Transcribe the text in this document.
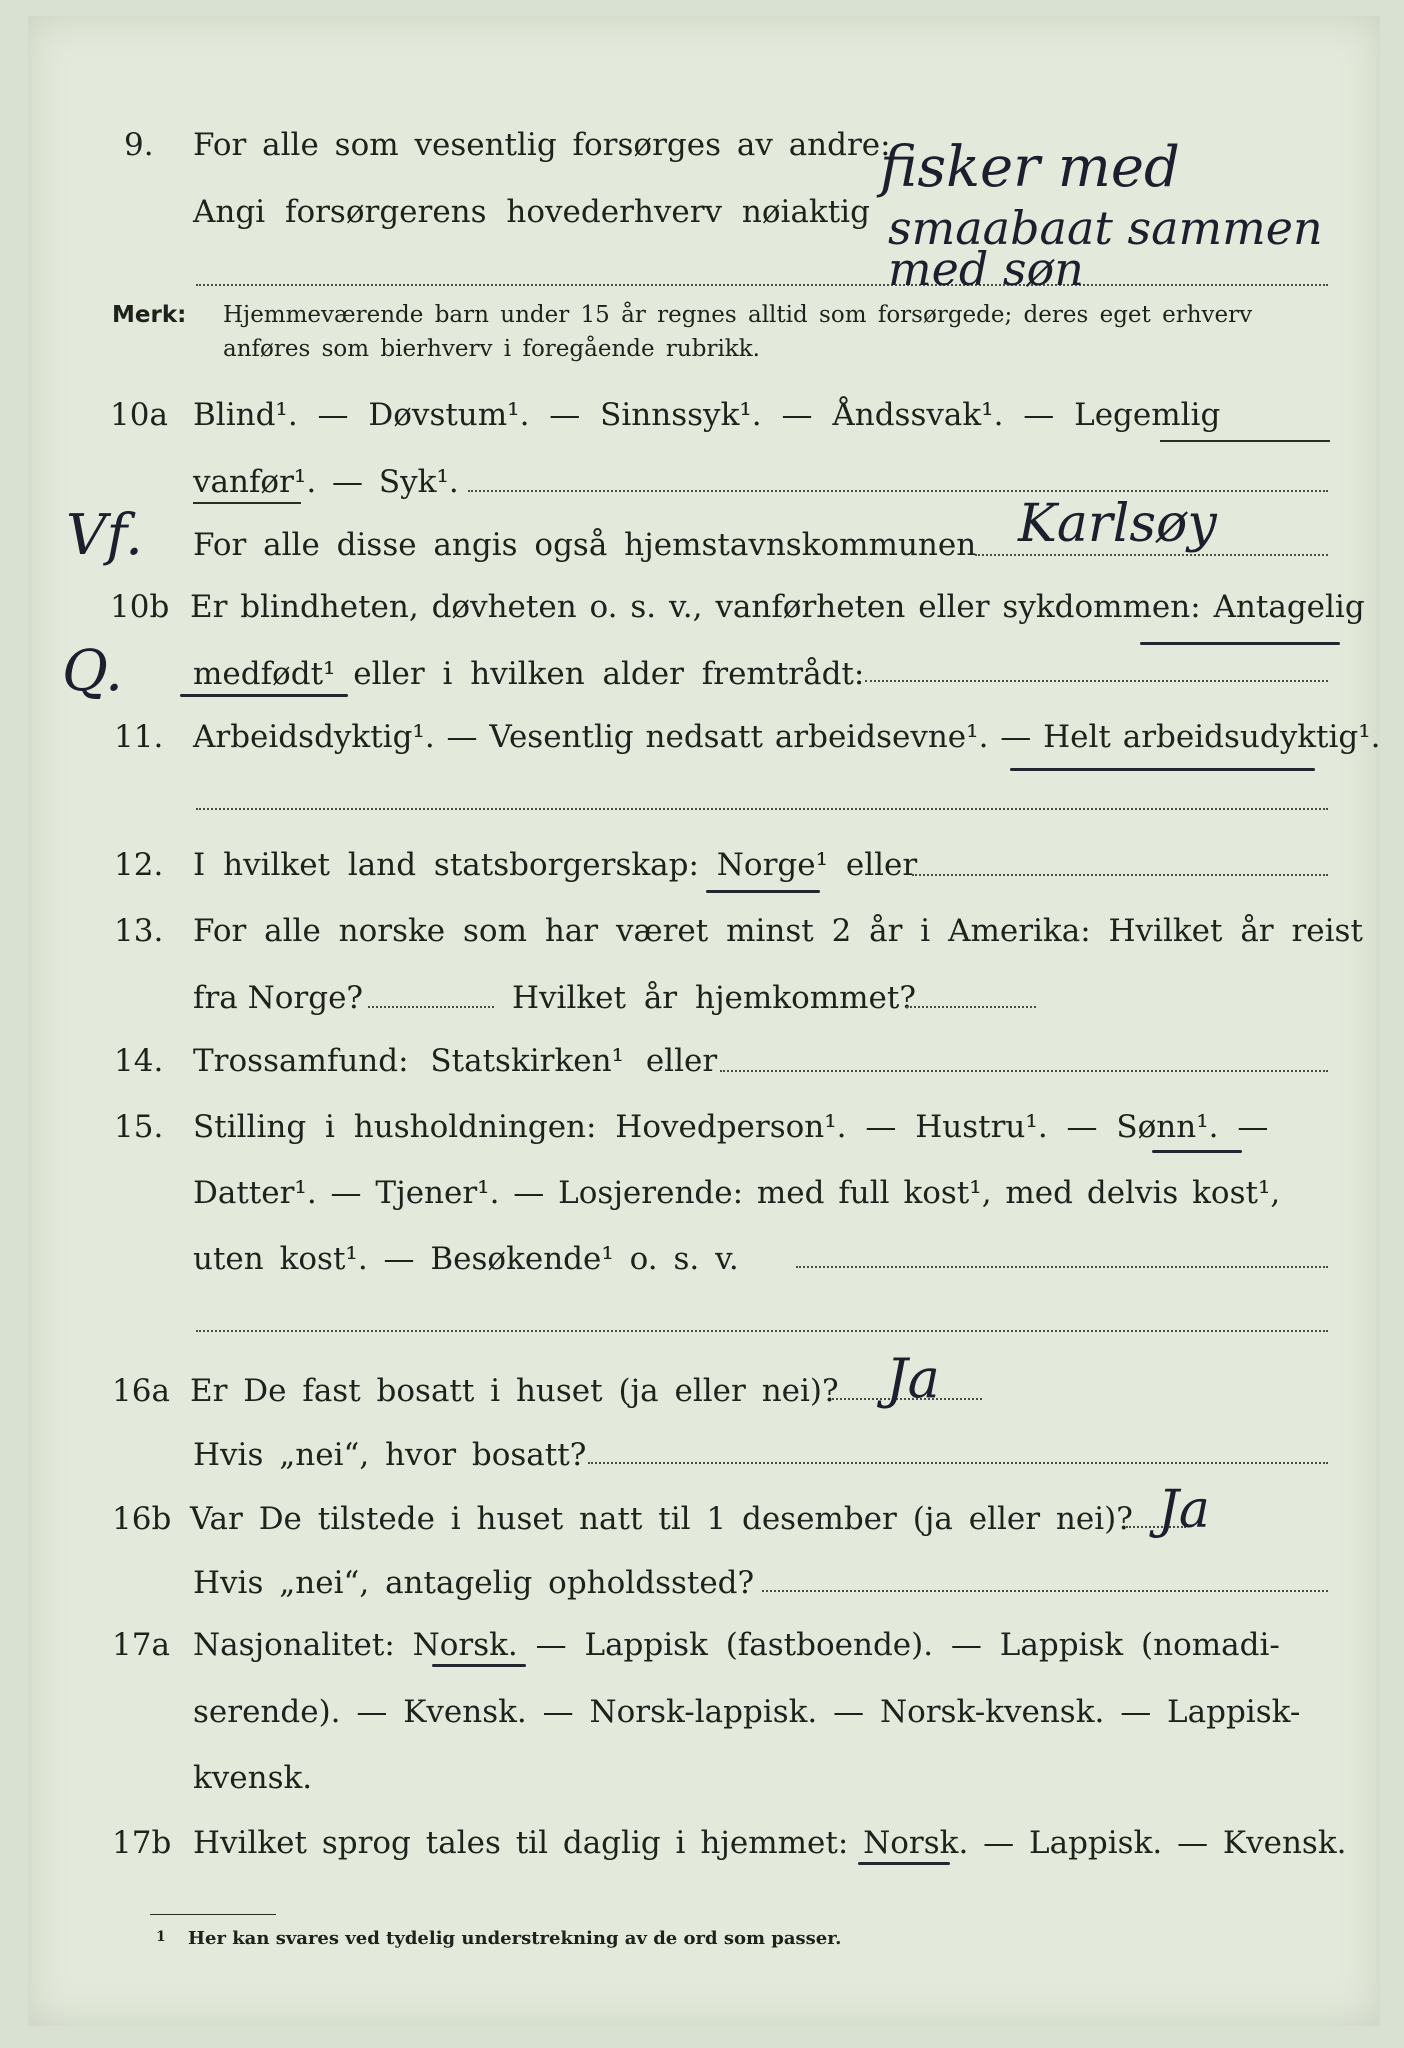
9. For alle som vesentlig forsørges av andre:
Angi forsørgerens hovederhverv nøiaktig
fisker med
smaabaat sammen
med søn
Merk: Hjemmeværende barn under 15 år regnes alltid som forsørgede; deres eget erhverv
anføres som bierhverv i foregående rubrikk.
10a Blind¹. — Døvstum¹. — Sinnssyk¹. — Åndssvak¹. — Legemlig
vanfør¹. — Syk¹.
For alle disse angis også hjemstavnskommunen Karlsøy
Vf.
10b Er blindheten, døvheten o. s. v., vanførheten eller sykdommen: Antagelig
medfødt¹ eller i hvilken alder fremtrådt:
Q.
11. Arbeidsdyktig¹. — Vesentlig nedsatt arbeidsevne¹. — Helt arbeidsudyktig¹.
12. I hvilket land statsborgerskap: Norge¹ eller
13. For alle norske som har været minst 2 år i Amerika: Hvilket år reist
fra Norge?	Hvilket år hjemkommet?
14. Trossamfund: Statskirken¹ eller
15. Stilling i husholdningen: Hovedperson¹. — Hustru¹. — Sønn¹. —
Datter¹. — Tjener¹. — Losjerende: med full kost¹, med delvis kost¹,
uten kost¹. — Besøkende¹ o. s. v.
16a Er De fast bosatt i huset (ja eller nei)? Ja
Hvis „nei“, hvor bosatt?
16b Var De tilstede i huset natt til 1 desember (ja eller nei)? Ja
Hvis „nei“, antagelig opholdssted?
17a Nasjonalitet: Norsk. — Lappisk (fastboende). — Lappisk (nomadi-
serende). — Kvensk. — Norsk-lappisk. — Norsk-kvensk. — Lappisk-
kvensk.
17b Hvilket sprog tales til daglig i hjemmet: Norsk. — Lappisk. — Kvensk.
1 Her kan svares ved tydelig understrekning av de ord som passer.
